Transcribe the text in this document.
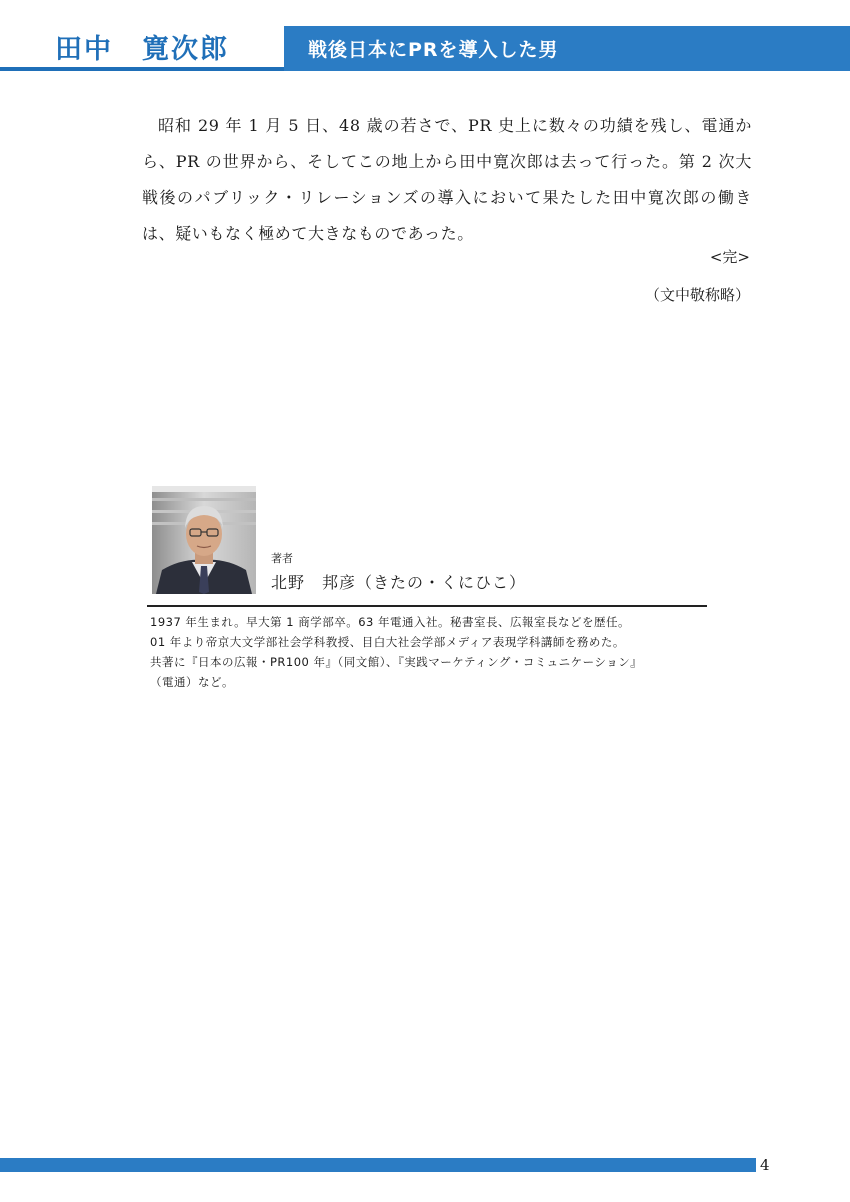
田中　寛次郎	戦後日本にPRを導入した男

昭和 29 年 1 月 5 日、48 歳の若さで、PR 史上に数々の功績を残し、電通から、PR の世界から、そしてこの地上から田中寛次郎は去って行った。第 2 次大戦後のパブリック・リレーションズの導入において果たした田中寛次郎の働きは、疑いもなく極めて大きなものであった。

<完>
（文中敬称略）
著者
北野　邦彦（きたの・くにひこ）
1937 年生まれ。早大第 1 商学部卒。63 年電通入社。秘書室長、広報室長などを歴任。
01 年より帝京大文学部社会学科教授、目白大社会学部メディア表現学科講師を務めた。
共著に『日本の広報・PR100 年』（同文館）、『実践マーケティング・コミュニケーション』
（電通）など。
4
